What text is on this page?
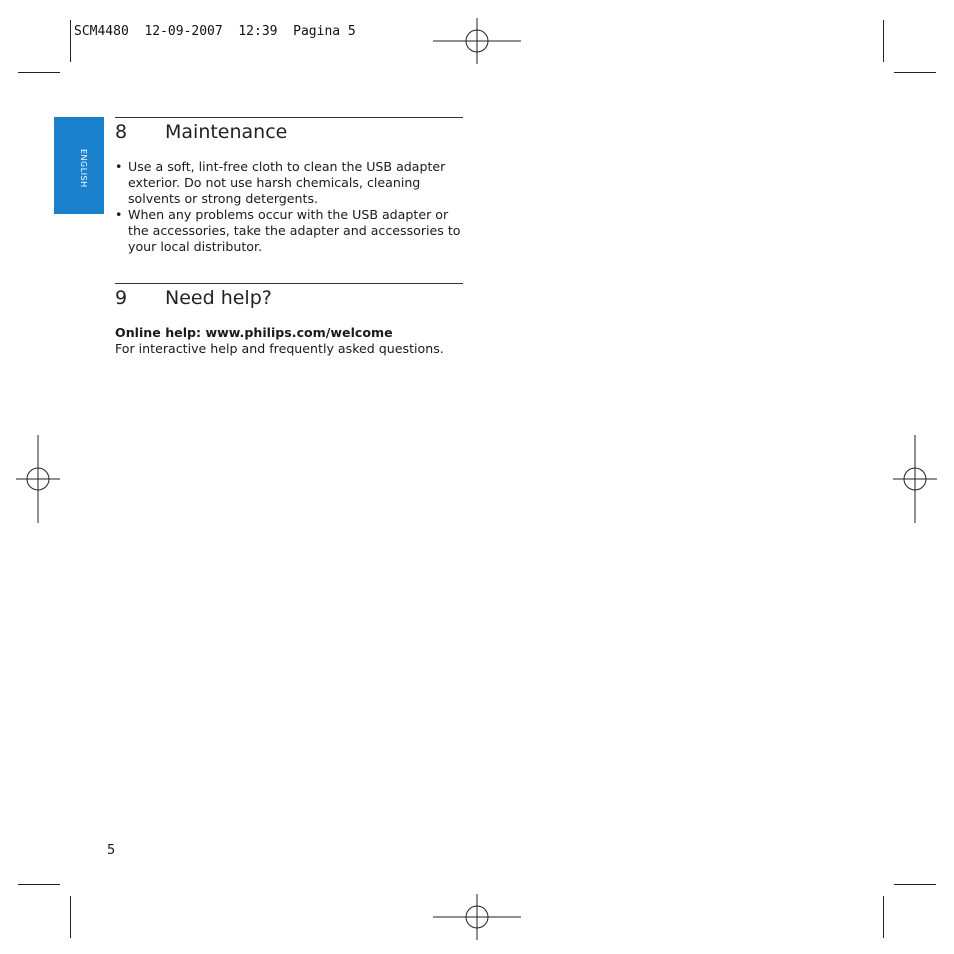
SCM4480  12-09-2007  12:39  Pagina 5
ENGLISH
8	Maintenance
• Use a soft, lint-free cloth to clean the USB adapter exterior. Do not use harsh chemicals, cleaning solvents or strong detergents.
• When any problems occur with the USB adapter or the accessories, take the adapter and accessories to your local distributor.
9	Need help?
Online help: www.philips.com/welcome
For interactive help and frequently asked questions.
5
